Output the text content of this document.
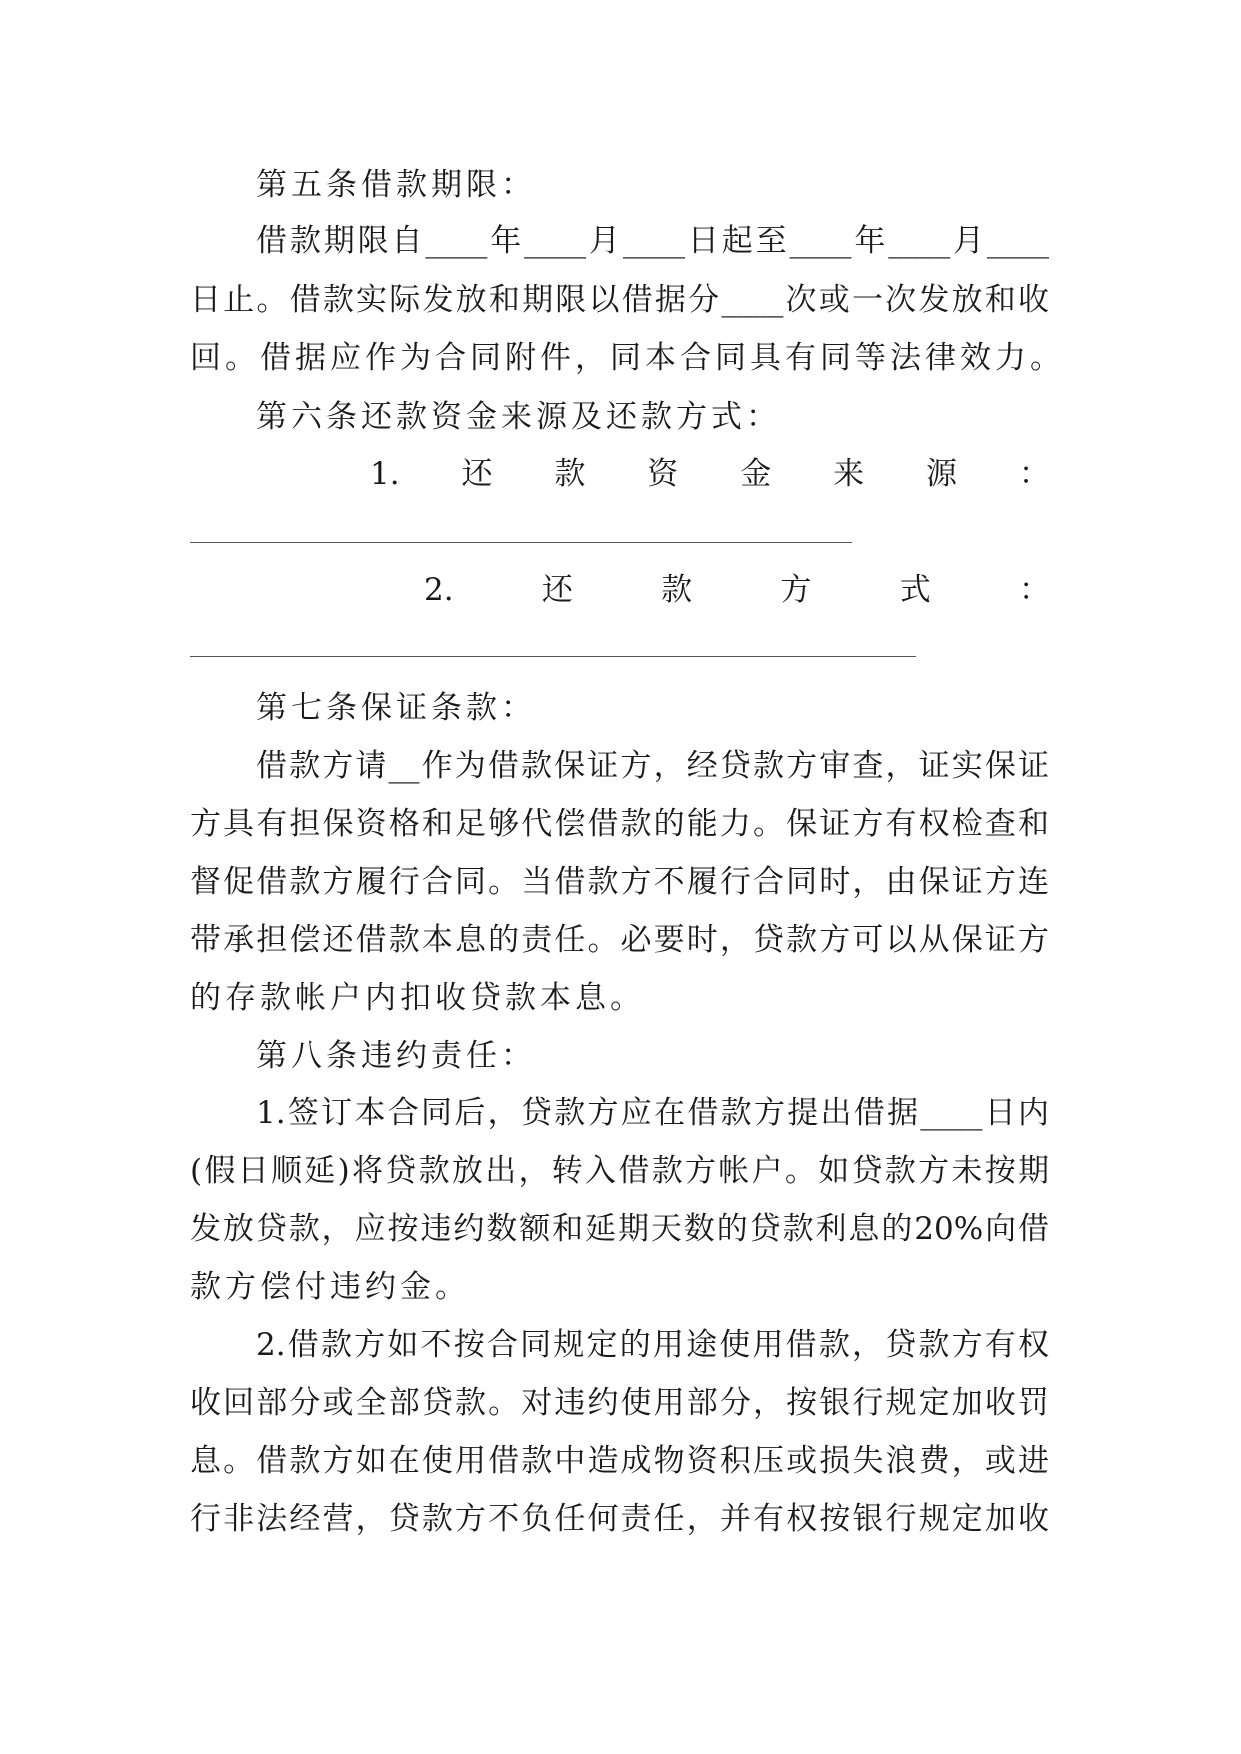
第五条借款期限：
借款期限自____年____月____日起至____年____月____
日止。借款实际发放和期限以借据分____次或一次发放和收
回。借据应作为合同附件，同本合同具有同等法律效力。
第六条还款资金来源及还款方式：
1. 还 款 资 金 来 源 ：
2.	还	款	方	式	：
第七条保证条款：
借款方请__作为借款保证方，经贷款方审查，证实保证
方具有担保资格和足够代偿借款的能力。保证方有权检查和
督促借款方履行合同。当借款方不履行合同时，由保证方连
带承担偿还借款本息的责任。必要时，贷款方可以从保证方
的存款帐户内扣收贷款本息。
第八条违约责任：
1.签订本合同后，贷款方应在借款方提出借据____日内
(假日顺延)将贷款放出，转入借款方帐户。如贷款方未按期
发放贷款，应按违约数额和延期天数的贷款利息的20%向借
款方偿付违约金。
2.借款方如不按合同规定的用途使用借款，贷款方有权
收回部分或全部贷款。对违约使用部分，按银行规定加收罚
息。借款方如在使用借款中造成物资积压或损失浪费，或进
行非法经营，贷款方不负任何责任，并有权按银行规定加收
